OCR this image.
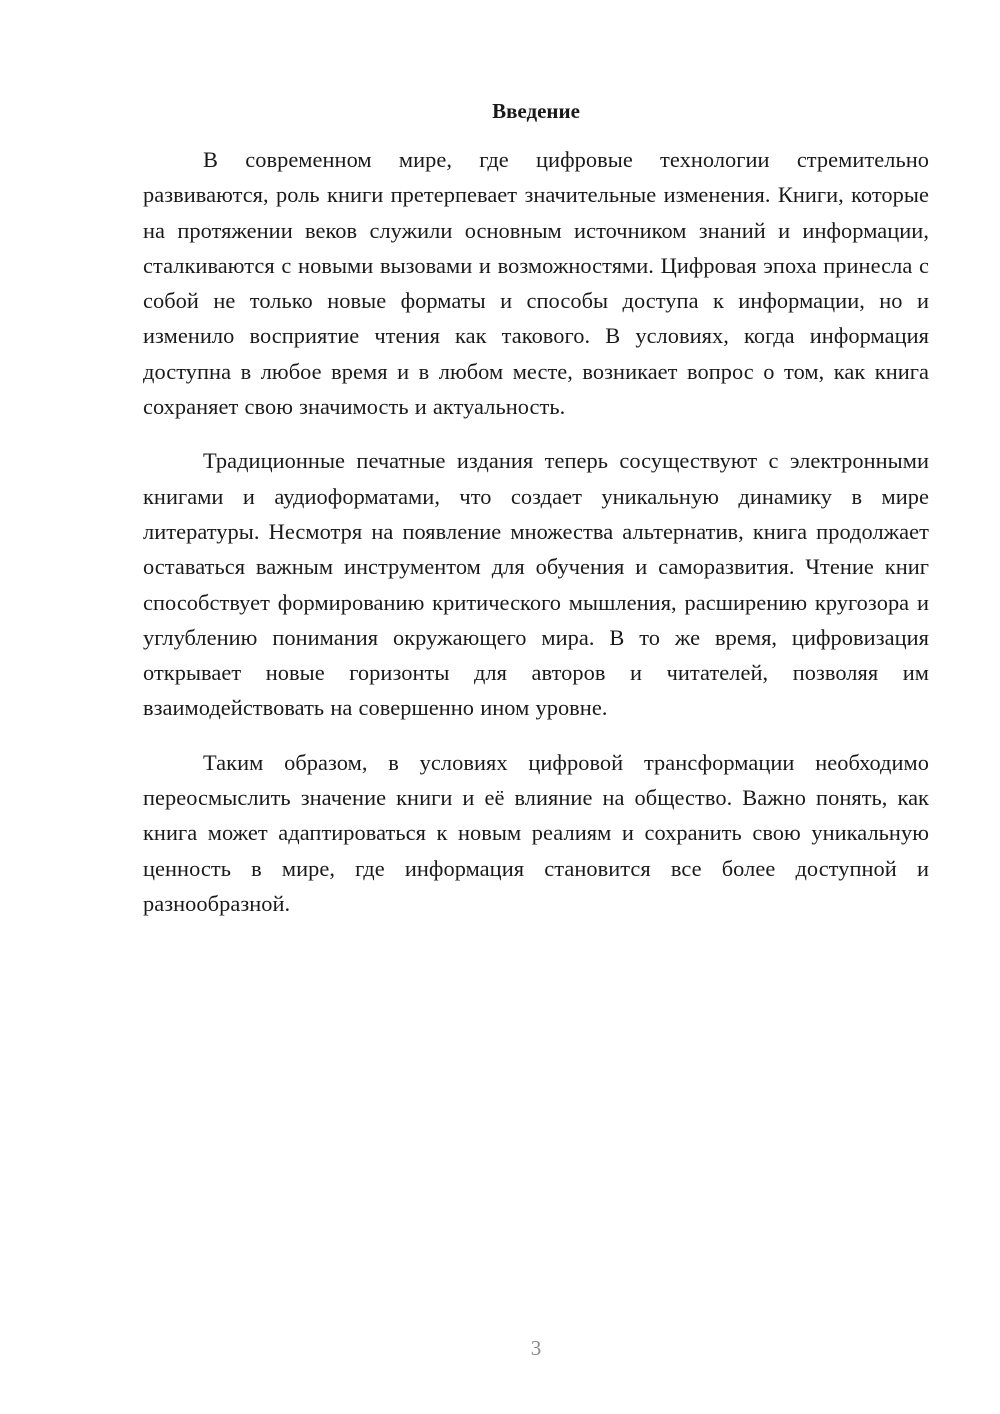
Введение

В современном мире, где цифровые технологии стремительно развиваются, роль книги претерпевает значительные изменения. Книги, которые на протяжении веков служили основным источником знаний и информации, сталкиваются с новыми вызовами и возможностями. Цифровая эпоха принесла с собой не только новые форматы и способы доступа к информации, но и изменило восприятие чтения как такового. В условиях, когда информация доступна в любое время и в любом месте, возникает вопрос о том, как книга сохраняет свою значимость и актуальность.

Традиционные печатные издания теперь сосуществуют с электронными книгами и аудиоформатами, что создает уникальную динамику в мире литературы. Несмотря на появление множества альтернатив, книга продолжает оставаться важным инструментом для обучения и саморазвития. Чтение книг способствует формированию критического мышления, расширению кругозора и углублению понимания окружающего мира. В то же время, цифровизация открывает новые горизонты для авторов и читателей, позволяя им взаимодействовать на совершенно ином уровне.

Таким образом, в условиях цифровой трансформации необходимо переосмыслить значение книги и её влияние на общество. Важно понять, как книга может адаптироваться к новым реалиям и сохранить свою уникальную ценность в мире, где информация становится все более доступной и разнообразной.

3
